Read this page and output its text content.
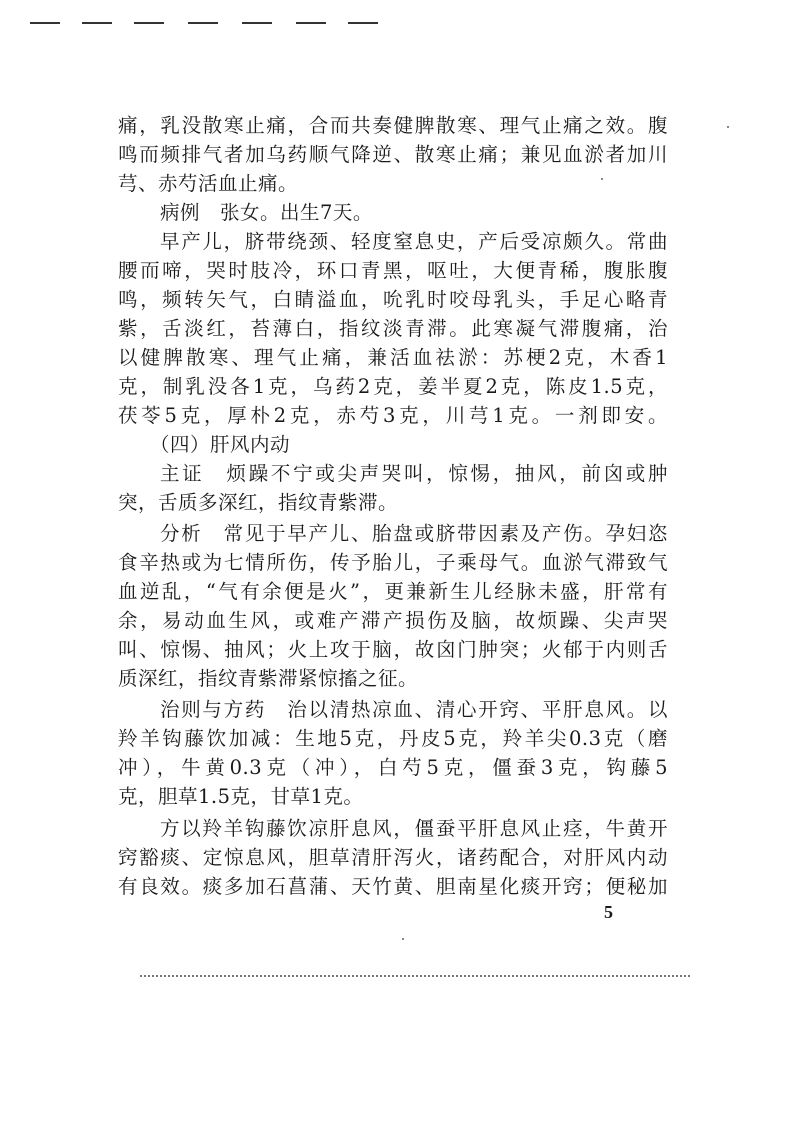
痛，乳没散寒止痛，合而共奏健脾散寒、理气止痛之效。腹
鸣而频排气者加乌药顺气降逆、散寒止痛；兼见血淤者加川
芎、赤芍活血止痛。
病例　张女。出生7天。
早产儿，脐带绕颈、轻度窒息史，产后受凉颇久。常曲
腰而啼，哭时肢冷，环口青黑，呕吐，大便青稀，腹胀腹
鸣，频转矢气，白睛溢血，吮乳时咬母乳头，手足心略青
紫，舌淡红，苔薄白，指纹淡青滞。此寒凝气滞腹痛，治
以健脾散寒、理气止痛，兼活血祛淤：苏梗2克，木香1
克，制乳没各1克，乌药2克，姜半夏2克，陈皮1.5克，
茯苓5克，厚朴2克，赤芍3克，川芎1克。一剂即安。
（四）肝风内动
主证　烦躁不宁或尖声哭叫，惊惕，抽风，前囟或肿
突，舌质多深红，指纹青紫滞。
分析　常见于早产儿、胎盘或脐带因素及产伤。孕妇恣
食辛热或为七情所伤，传予胎儿，子乘母气。血淤气滞致气
血逆乱，“气有余便是火”，更兼新生儿经脉未盛，肝常有
余，易动血生风，或难产滞产损伤及脑，故烦躁、尖声哭
叫、惊惕、抽风；火上攻于脑，故囟门肿突；火郁于内则舌
质深红，指纹青紫滞紧惊搐之征。
治则与方药　治以清热凉血、清心开窍、平肝息风。以
羚羊钩藤饮加减：生地5克，丹皮5克，羚羊尖0.3克（磨
冲），牛黄0.3克（冲），白芍5克，僵蚕3克，钩藤5
克，胆草1.5克，甘草1克。
方以羚羊钩藤饮凉肝息风，僵蚕平肝息风止痉，牛黄开
窍豁痰、定惊息风，胆草清肝泻火，诸药配合，对肝风内动
有良效。痰多加石菖蒲、天竹黄、胆南星化痰开窍；便秘加
5
